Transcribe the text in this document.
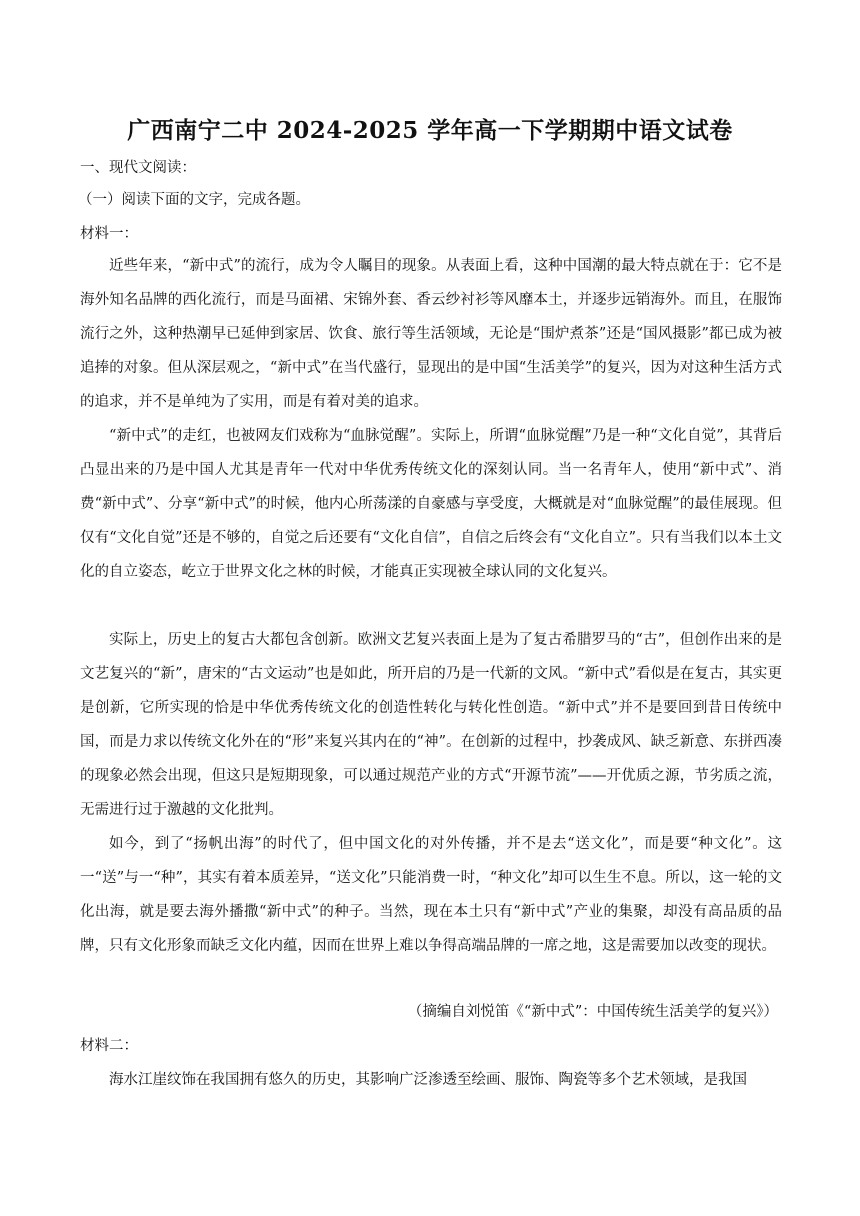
广西南宁二中 2024-2025 学年高一下学期期中语文试卷
一、现代文阅读：
（一）阅读下面的文字，完成各题。
材料一：

近些年来，“新中式”的流行，成为令人瞩目的现象。从表面上看，这种中国潮的最大特点就在于：它不是海外知名品牌的西化流行，而是马面裙、宋锦外套、香云纱衬衫等风靡本土，并逐步远销海外。而且，在服饰流行之外，这种热潮早已延伸到家居、饮食、旅行等生活领域，无论是“围炉煮茶”还是“国风摄影”都已成为被追捧的对象。但从深层观之，“新中式”在当代盛行，显现出的是中国“生活美学”的复兴，因为对这种生活方式的追求，并不是单纯为了实用，而是有着对美的追求。

“新中式”的走红，也被网友们戏称为“血脉觉醒”。实际上，所谓“血脉觉醒”乃是一种“文化自觉”，其背后凸显出来的乃是中国人尤其是青年一代对中华优秀传统文化的深刻认同。当一名青年人，使用“新中式”、消费“新中式”、分享“新中式”的时候，他内心所荡漾的自豪感与享受度，大概就是对“血脉觉醒”的最佳展现。但仅有“文化自觉”还是不够的，自觉之后还要有“文化自信”，自信之后终会有“文化自立”。只有当我们以本土文化的自立姿态，屹立于世界文化之林的时候，才能真正实现被全球认同的文化复兴。

实际上，历史上的复古大都包含创新。欧洲文艺复兴表面上是为了复古希腊罗马的“古”，但创作出来的是文艺复兴的“新”，唐宋的“古文运动”也是如此，所开启的乃是一代新的文风。“新中式”看似是在复古，其实更是创新，它所实现的恰是中华优秀传统文化的创造性转化与转化性创造。“新中式”并不是要回到昔日传统中国，而是力求以传统文化外在的“形”来复兴其内在的“神”。在创新的过程中，抄袭成风、缺乏新意、东拼西凑的现象必然会出现，但这只是短期现象，可以通过规范产业的方式“开源节流”——开优质之源，节劣质之流，无需进行过于激越的文化批判。

如今，到了“扬帆出海”的时代了，但中国文化的对外传播，并不是去“送文化”，而是要“种文化”。这一“送”与一“种”，其实有着本质差异，“送文化”只能消费一时，“种文化”却可以生生不息。所以，这一轮的文化出海，就是要去海外播撒“新中式”的种子。当然，现在本土只有“新中式”产业的集聚，却没有高品质的品牌，只有文化形象而缺乏文化内蕴，因而在世界上难以争得高端品牌的一席之地，这是需要加以改变的现状。

（摘编自刘悦笛《“新中式”：中国传统生活美学的复兴》）
材料二：

海水江崖纹饰在我国拥有悠久的历史，其影响广泛渗透至绘画、服饰、陶瓷等多个艺术领域，是我国
